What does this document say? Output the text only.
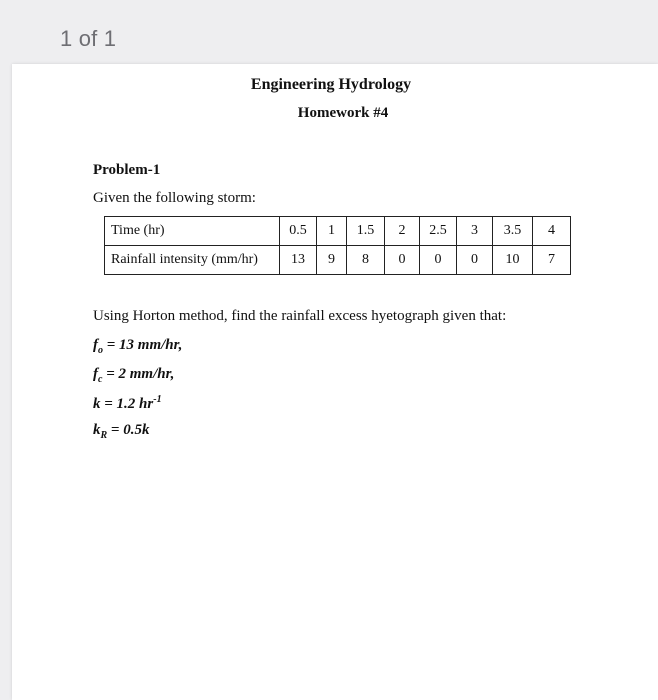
1 of 1
Engineering Hydrology
Homework #4
Problem-1
Given the following storm:
Time (hr)	0.5	1	1.5	2	2.5	3	3.5	4
Rainfall intensity (mm/hr)	13	9	8	0	0	0	10	7
Using Horton method, find the rainfall excess hyetograph given that:
$f_o = 13$ mm/hr,
$f_c = 2$ mm/hr,
k = 1.2 $hr^{-1}$
$k_R = 0.5k$
